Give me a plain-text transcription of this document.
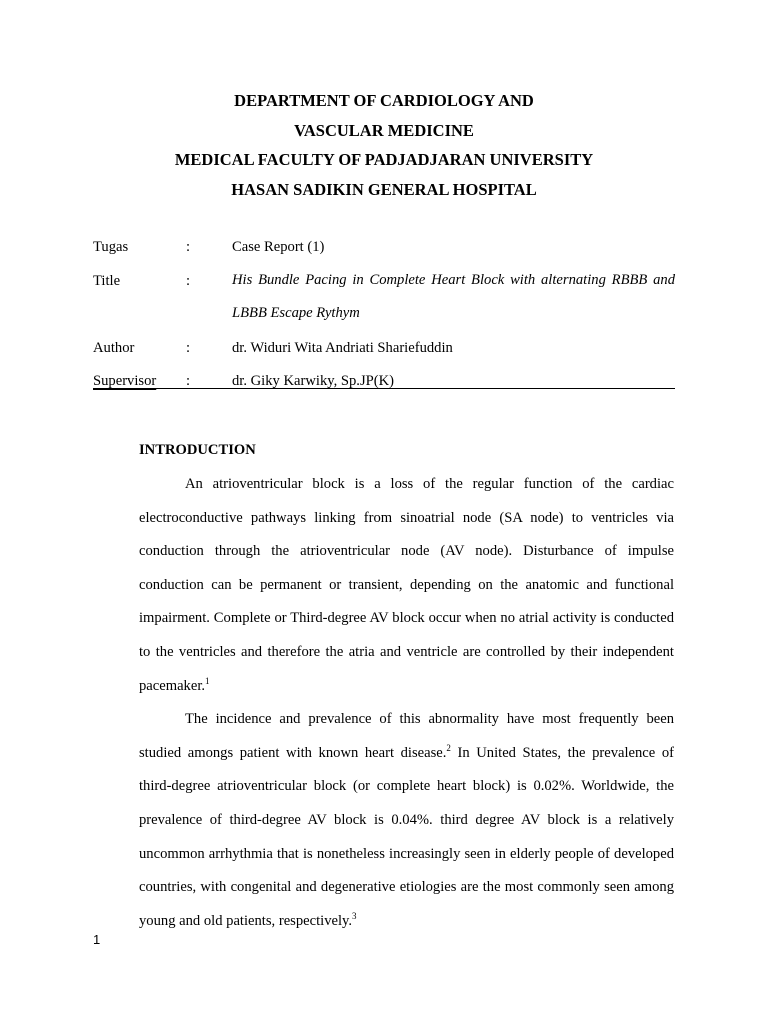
DEPARTMENT OF CARDIOLOGY AND
VASCULAR MEDICINE
MEDICAL FACULTY OF PADJADJARAN UNIVERSITY
HASAN SADIKIN GENERAL HOSPITAL
Tugas	:	Case Report (1)
Title	:	His Bundle Pacing in Complete Heart Block with alternating RBBB and LBBB Escape Rythym
Author	:	dr. Widuri Wita Andriati Shariefuddin
Supervisor :	dr. Giky Karwiky, Sp.JP(K)
INTRODUCTION

An atrioventricular block is a loss of the regular function of the cardiac electroconductive pathways linking from sinoatrial node (SA node) to ventricles via conduction through the atrioventricular node (AV node). Disturbance of impulse conduction can be permanent or transient, depending on the anatomic and functional impairment. Complete or Third-degree AV block occur when no atrial activity is conducted to the ventricles and therefore the atria and ventricle are controlled by their independent pacemaker.$^1$

The incidence and prevalence of this abnormality have most frequently been studied amongs patient with known heart disease.$^2$ In United States, the prevalence of third-degree atrioventricular block (or complete heart block) is 0.02%. Worldwide, the prevalence of third-degree AV block is 0.04%. third degree AV block is a relatively uncommon arrhythmia that is nonetheless increasingly seen in elderly people of developed countries, with congenital and degenerative etiologies are the most commonly seen among young and old patients, respectively.$^3$

1
